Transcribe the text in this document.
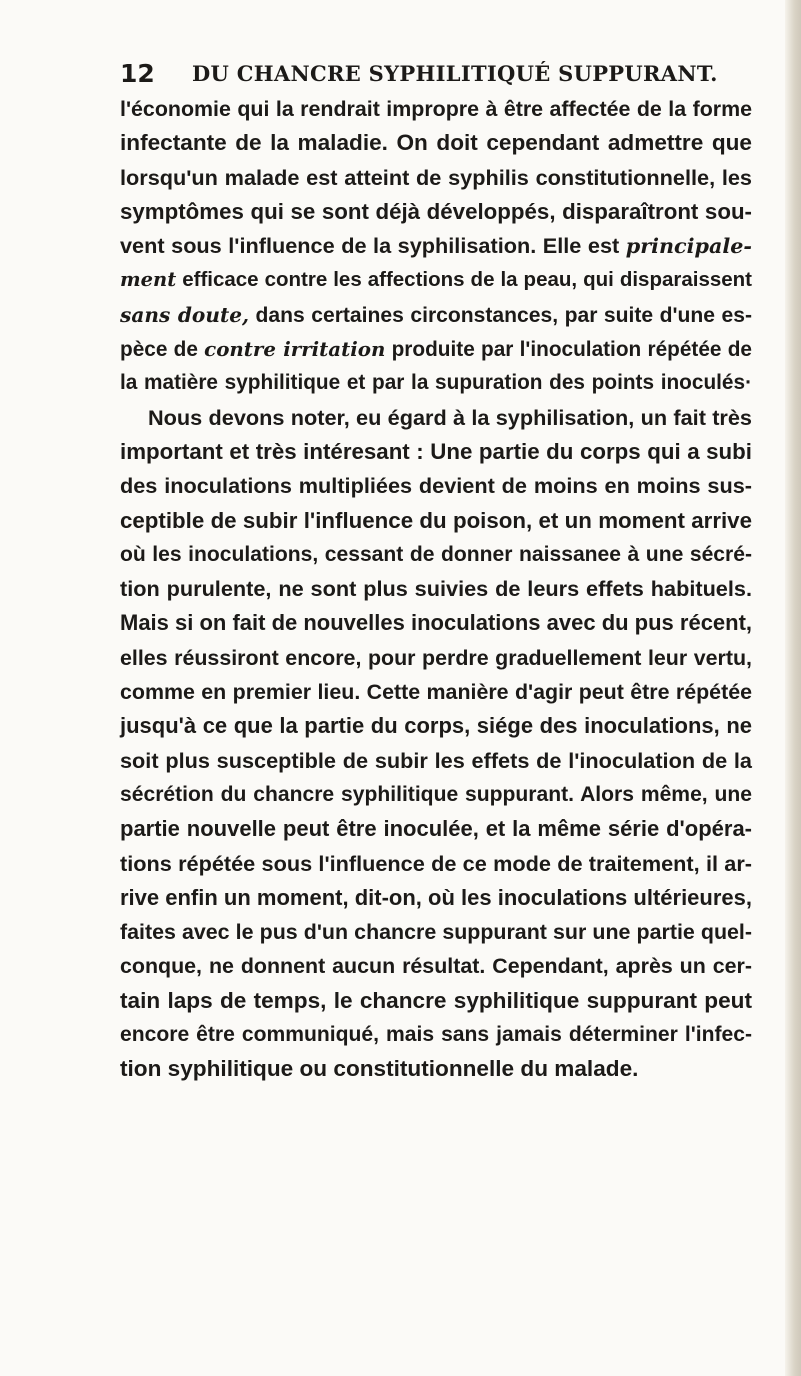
12 DU CHANCRE SYPHILITIQUÉ SUPPURANT.
l'économie qui la rendrait impropre à être affectée de la forme
infectante de la maladie. On doit cependant admettre que
lorsqu'un malade est atteint de syphilis constitutionnelle, les
symptômes qui se sont déjà développés, disparaîtront sou-
vent sous l'influence de la syphilisation. Elle est principale-
ment efficace contre les affections de la peau, qui disparaissent
sans doute, dans certaines circonstances, par suite d'une es-
pèce de contre irritation produite par l'inoculation répétée de
la matière syphilitique et par la supuration des points inoculés·
Nous devons noter, eu égard à la syphilisation, un fait très
important et très intéresant : Une partie du corps qui a subi
des inoculations multipliées devient de moins en moins sus-
ceptible de subir l'influence du poison, et un moment arrive
où les inoculations, cessant de donner naissanee à une sécré-
tion purulente, ne sont plus suivies de leurs effets habituels.
Mais si on fait de nouvelles inoculations avec du pus récent,
elles réussiront encore, pour perdre graduellement leur vertu,
comme en premier lieu. Cette manière d'agir peut être répétée
jusqu'à ce que la partie du corps, siége des inoculations, ne
soit plus susceptible de subir les effets de l'inoculation de la
sécrétion du chancre syphilitique suppurant. Alors même, une
partie nouvelle peut être inoculée, et la même série d'opéra-
tions répétée sous l'influence de ce mode de traitement, il ar-
rive enfin un moment, dit-on, où les inoculations ultérieures,
faites avec le pus d'un chancre suppurant sur une partie quel-
conque, ne donnent aucun résultat. Cependant, après un cer-
tain laps de temps, le chancre syphilitique suppurant peut
encore être communiqué, mais sans jamais déterminer l'infec-
tion syphilitique ou constitutionnelle du malade.
